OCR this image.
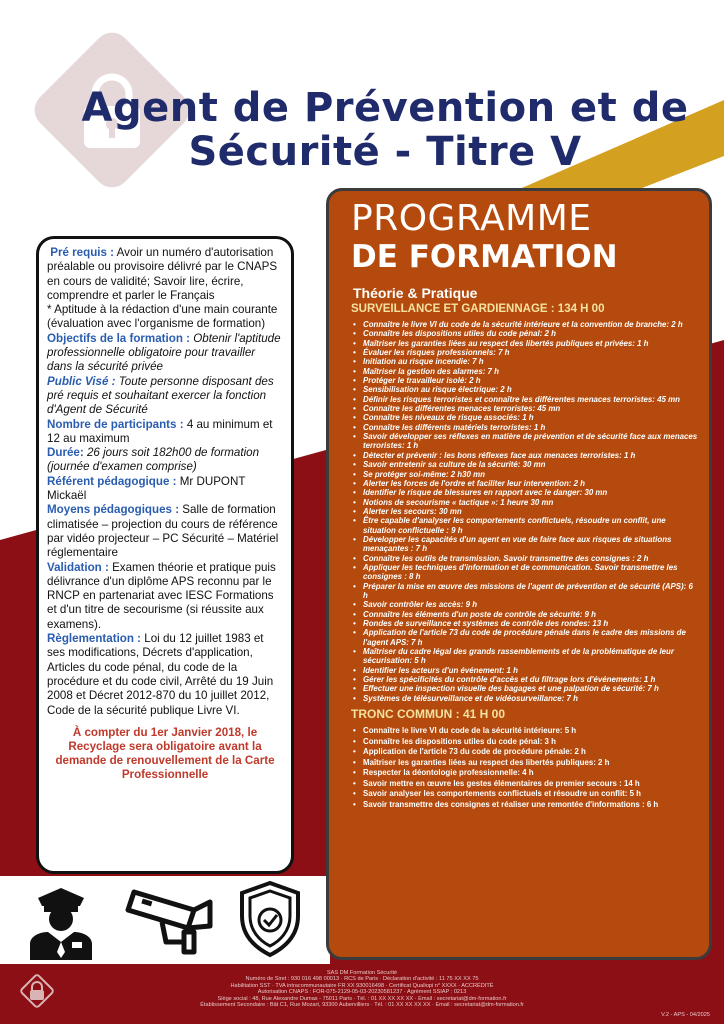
Agent de Prévention et de
Sécurité - Titre V

Pré requis : Avoir un numéro d'autorisation préalable ou provisoire délivré par le CNAPS en cours de validité; Savoir lire, écrire, comprendre et parler le Français

* Aptitude à la rédaction d'une main courante (évaluation avec l'organisme de formation)

Objectifs de la formation : Obtenir l'aptitude professionnelle obligatoire pour travailler dans la sécurité privée

Public Visé : Toute personne disposant des pré requis et souhaitant exercer la fonction d'Agent de Sécurité

Nombre de participants : 4 au minimum et 12 au maximum

Durée: 26 jours soit 182h00 de formation (journée d'examen comprise)

Référent pédagogique : Mr DUPONT Mickaël

Moyens pédagogiques : Salle de formation climatisée – projection du cours de référence par vidéo projecteur – PC Sécurité – Matériel réglementaire

Validation : Examen théorie et pratique puis délivrance d'un diplôme APS reconnu par le RNCP en partenariat avec IESC Formations et d'un titre de secourisme (si réussite aux examens).

Règlementation : Loi du 12 juillet 1983 et ses modifications, Décrets d'application, Articles du code pénal, du code de la procédure et du code civil, Arrêté du 19 Juin 2008 et Décret 2012-870 du 10 juillet 2012, Code de la sécurité publique Livre VI.

À compter du 1er Janvier 2018, le Recyclage sera obligatoire avant la demande de renouvellement de la Carte Professionnelle

PROGRAMME
DE FORMATION
Théorie & Pratique
SURVEILLANCE ET GARDIENNAGE : 134 H 00
• Connaître le livre VI du code de la sécurité intérieure et la convention de branche: 2 h
• Connaître les dispositions utiles du code pénal: 2 h
• Maîtriser les garanties liées au respect des libertés publiques et privées: 1 h
• Évaluer les risques professionnels: 7 h
• Initiation au risque incendie: 7 h
• Maîtriser la gestion des alarmes: 7 h
• Protéger le travailleur isolé: 2 h
• Sensibilisation au risque électrique: 2 h
• Définir les risques terroristes et connaître les différentes menaces terroristes: 45 mn
• Connaître les différentes menaces terroristes: 45 mn
• Connaître les niveaux de risque associés: 1 h
• Connaître les différents matériels terroristes: 1 h
• Savoir développer ses réflexes en matière de prévention et de sécurité face aux menaces terroristes: 1 h
• Détecter et prévenir : les bons réflexes face aux menaces terroristes: 1 h
• Savoir entretenir sa culture de la sécurité: 30 mn
• Se protéger soi-même: 2 h30 mn
• Alerter les forces de l'ordre et faciliter leur intervention: 2 h
• Identifier le risque de blessures en rapport avec le danger: 30 mn
• Notions de secourisme « tactique »: 1 heure 30 mn
• Alerter les secours: 30 mn
• Être capable d'analyser les comportements conflictuels, résoudre un conflit, une situation conflictuelle : 9 h
• Développer les capacités d'un agent en vue de faire face aux risques de situations menaçantes : 7 h
• Connaître les outils de transmission. Savoir transmettre des consignes : 2 h
• Appliquer les techniques d'information et de communication. Savoir transmettre les consignes : 8 h
• Préparer la mise en œuvre des missions de l'agent de prévention et de sécurité (APS): 6 h
• Savoir contrôler les accès: 9 h
• Connaître les éléments d'un poste de contrôle de sécurité: 9 h
• Rondes de surveillance et systèmes de contrôle des rondes: 13 h
• Application de l'article 73 du code de procédure pénale dans le cadre des missions de l'agent APS: 7 h
• Maîtriser du cadre légal des grands rassemblements et de la problématique de leur sécurisation: 5 h
• Identifier les acteurs d'un événement: 1 h
• Gérer les spécificités du contrôle d'accès et du filtrage lors d'événements: 1 h
• Effectuer une inspection visuelle des bagages et une palpation de sécurité: 7 h
• Systèmes de télésurveillance et de vidéosurveillance: 7 h
TRONC COMMUN : 41 H 00
• Connaître le livre VI du code de la sécurité intérieure: 5 h
• Connaître les dispositions utiles du code pénal: 3 h
• Application de l'article 73 du code de procédure pénale: 2 h
• Maîtriser les garanties liées au respect des libertés publiques: 2 h
• Respecter la déontologie professionnelle: 4 h
• Savoir mettre en œuvre les gestes élémentaires de premier secours : 14 h
• Savoir analyser les comportements conflictuels et résoudre un conflit: 5 h
• Savoir transmettre des consignes et réaliser une remontée d'informations : 6 h

SAS DM Formation Sécurité

Numéro de Siret : 930 016 498 00013 · RCS de Paris · Déclaration d'activité : 11 75 XX XX 75

Habilitation SST · TVA intracommunautaire FR XX 930016498 · Certificat Qualiopi n° XXXX · ACCRÉDITÉ

Autorisation CNAPS : FOR-075-2129-05-03-20230581237 · Agrément SSIAP : 0213

Siège social : 48, Rue Alexandre Dumas - 75011 Paris · Tél. : 01 XX XX XX XX · Email : secretariat@dm-formation.fr

Établissement Secondaire : Bât C1, Rue Mozart, 93300 Aubervilliers · Tél. : 01 XX XX XX XX · Email : secretariat@dm-formation.fr

V.2 - APS - 04/2025
